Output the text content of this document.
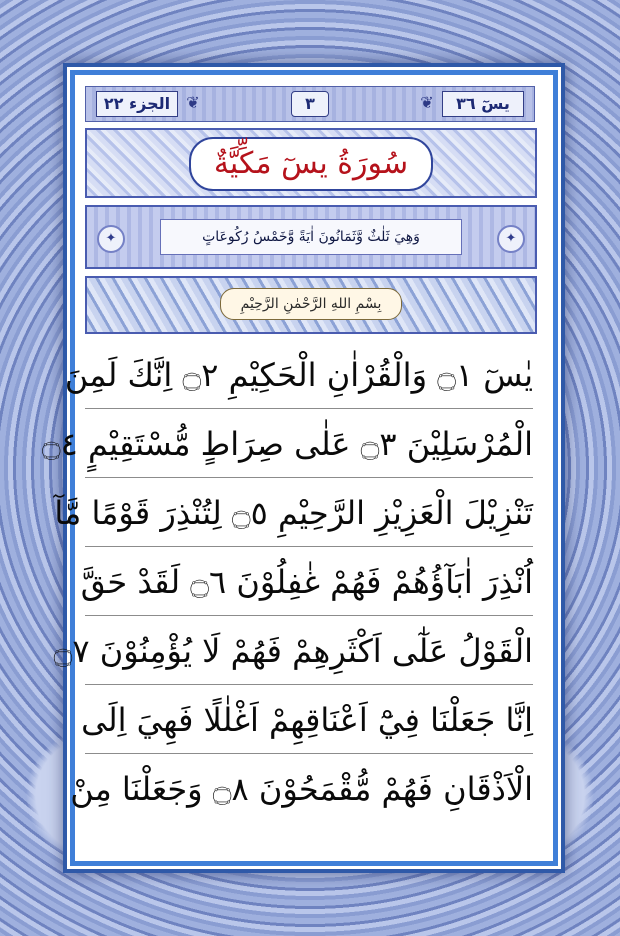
يسٓ ٣٦
❦
٣
❦
الجزء ٢٢
سُورَةُ يسٓ مَكِّيَّةٌ
✦	وَهِيَ ثَلٰثٌ وَّثَمَانُونَ اٰيَةً وَّخَمْسُ رُكُوعَاتٍ	✦
بِسْمِ اللهِ الرَّحْمٰنِ الرَّحِيْمِ
يٰسٓ ۝١ وَالْقُرْاٰنِ الْحَكِيْمِ ۝٢ اِنَّكَ لَمِنَ
الْمُرْسَلِيْنَ ۝٣ عَلٰى صِرَاطٍ مُّسْتَقِيْمٍ ۝٤
تَنْزِيْلَ الْعَزِيْزِ الرَّحِيْمِ ۝٥ لِتُنْذِرَ قَوْمًا مَّآ
اُنْذِرَ اٰبَآؤُهُمْ فَهُمْ غٰفِلُوْنَ ۝٦ لَقَدْ حَقَّ
الْقَوْلُ عَلٰٓى اَكْثَرِهِمْ فَهُمْ لَا يُؤْمِنُوْنَ ۝٧
اِنَّا جَعَلْنَا فِيْٓ اَعْنَاقِهِمْ اَغْلٰلًا فَهِيَ اِلَى
الْاَذْقَانِ فَهُمْ مُّقْمَحُوْنَ ۝٨ وَجَعَلْنَا مِنْ
